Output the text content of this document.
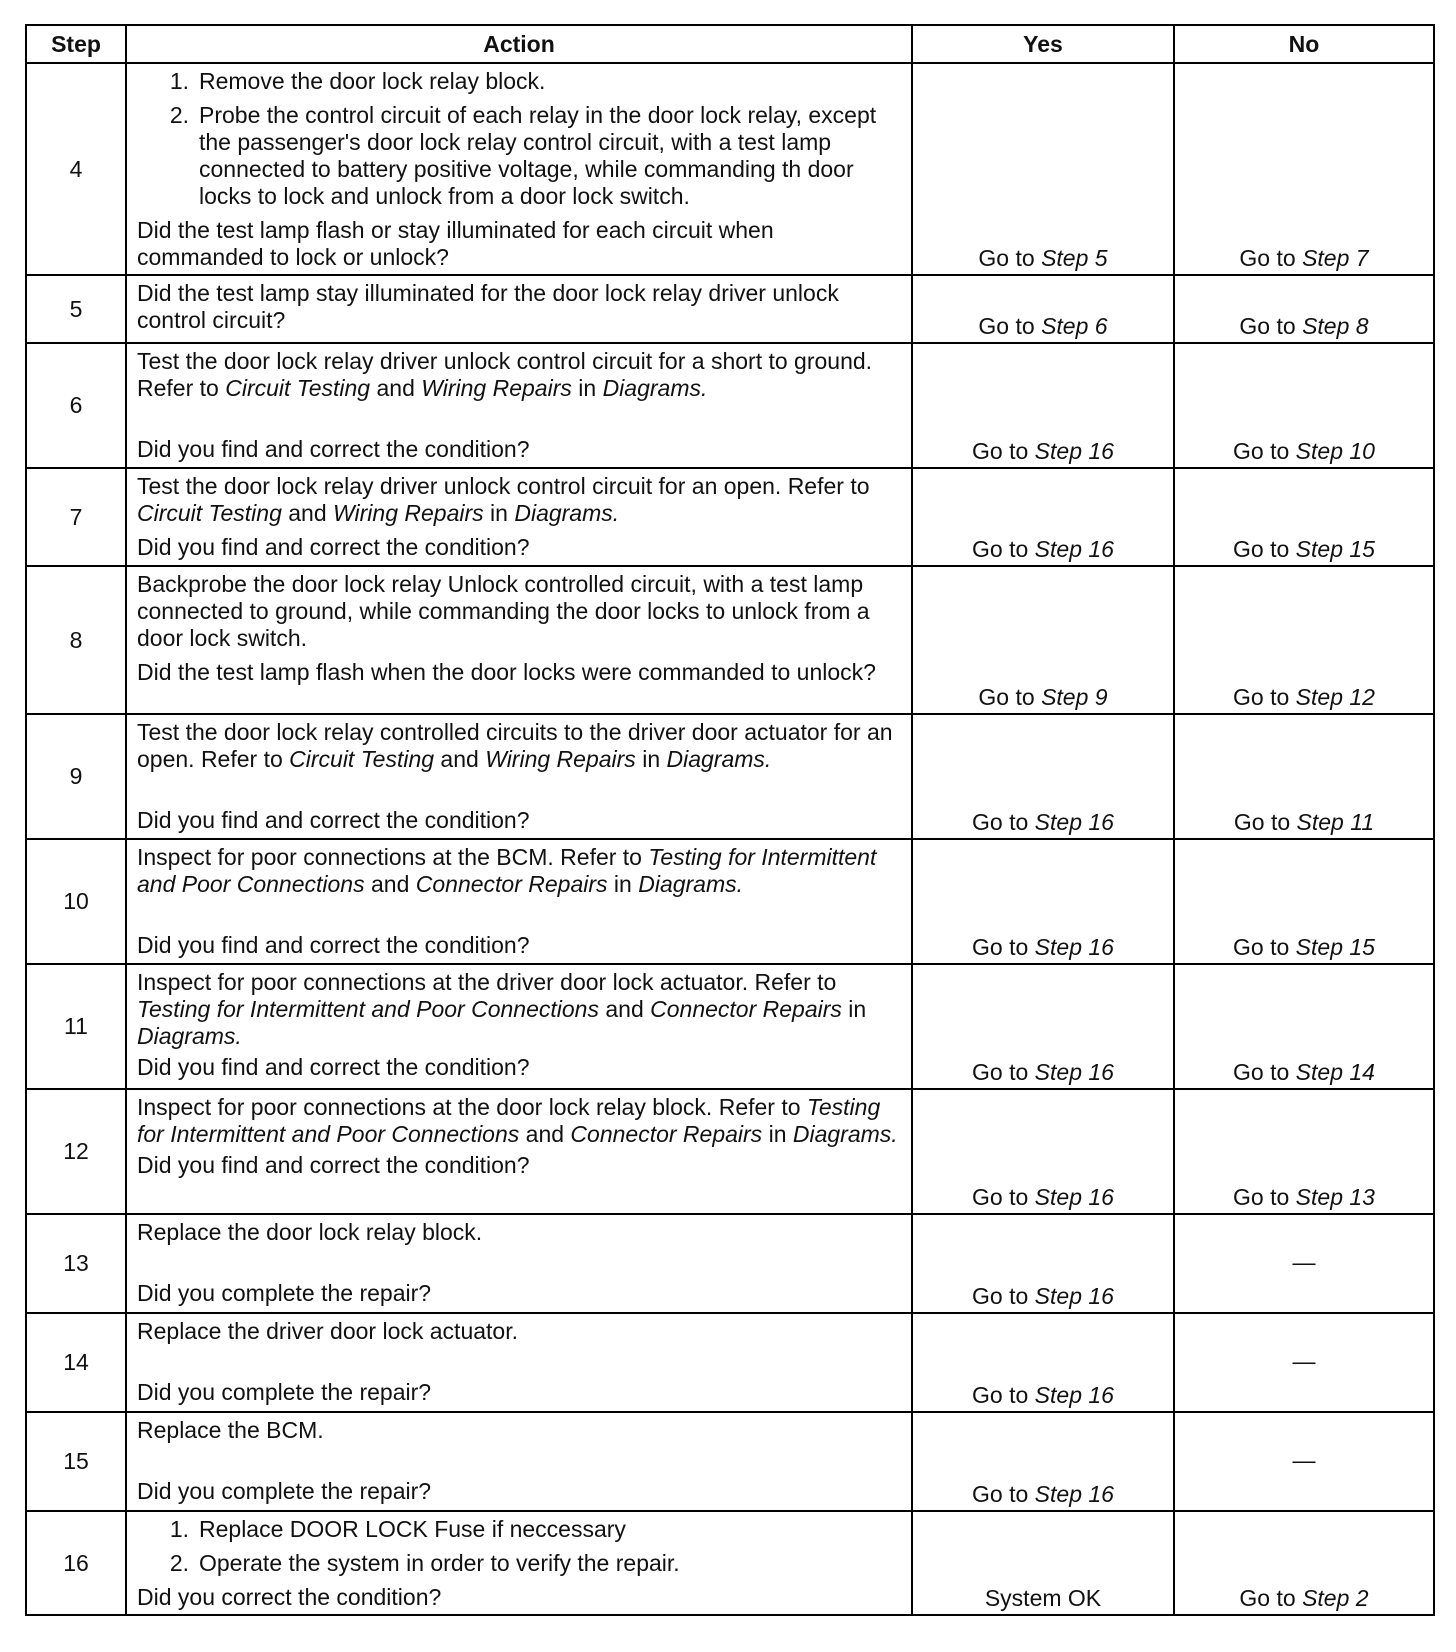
Step	Action	Yes	No
4	1. Remove the door lock relay block.
2. Probe the control circuit of each relay in the door lock relay, except the passenger's door lock relay control circuit, with a test lamp connected to battery positive voltage, while commanding th door locks to lock and unlock from a door lock switch.
Did the test lamp flash or stay illuminated for each circuit when commanded to lock or unlock?	Go to Step 5	Go to Step 7
5	Did the test lamp stay illuminated for the door lock relay driver unlock control circuit?	Go to Step 6	Go to Step 8
6	Test the door lock relay driver unlock control circuit for a short to ground. Refer to Circuit Testing and Wiring Repairs in Diagrams.
Did you find and correct the condition?	Go to Step 16	Go to Step 10
7	Test the door lock relay driver unlock control circuit for an open. Refer to Circuit Testing and Wiring Repairs in Diagrams.
Did you find and correct the condition?	Go to Step 16	Go to Step 15
8	Backprobe the door lock relay Unlock controlled circuit, with a test lamp connected to ground, while commanding the door locks to unlock from a door lock switch.
Did the test lamp flash when the door locks were commanded to unlock?	Go to Step 9	Go to Step 12
9	Test the door lock relay controlled circuits to the driver door actuator for an open. Refer to Circuit Testing and Wiring Repairs in Diagrams.
Did you find and correct the condition?	Go to Step 16	Go to Step 11
10	Inspect for poor connections at the BCM. Refer to Testing for Intermittent and Poor Connections and Connector Repairs in Diagrams.
Did you find and correct the condition?	Go to Step 16	Go to Step 15
11	Inspect for poor connections at the driver door lock actuator. Refer to Testing for Intermittent and Poor Connections and Connector Repairs in Diagrams.
Did you find and correct the condition?	Go to Step 16	Go to Step 14
12	Inspect for poor connections at the door lock relay block. Refer to Testing for Intermittent and Poor Connections and Connector Repairs in Diagrams.
Did you find and correct the condition?	Go to Step 16	Go to Step 13
13	Replace the door lock relay block.
Did you complete the repair?	Go to Step 16	—
14	Replace the driver door lock actuator.
Did you complete the repair?	Go to Step 16	—
15	Replace the BCM.
Did you complete the repair?	Go to Step 16	—
16	1. Replace DOOR LOCK Fuse if neccessary
2. Operate the system in order to verify the repair.
Did you correct the condition?	System OK	Go to Step 2
